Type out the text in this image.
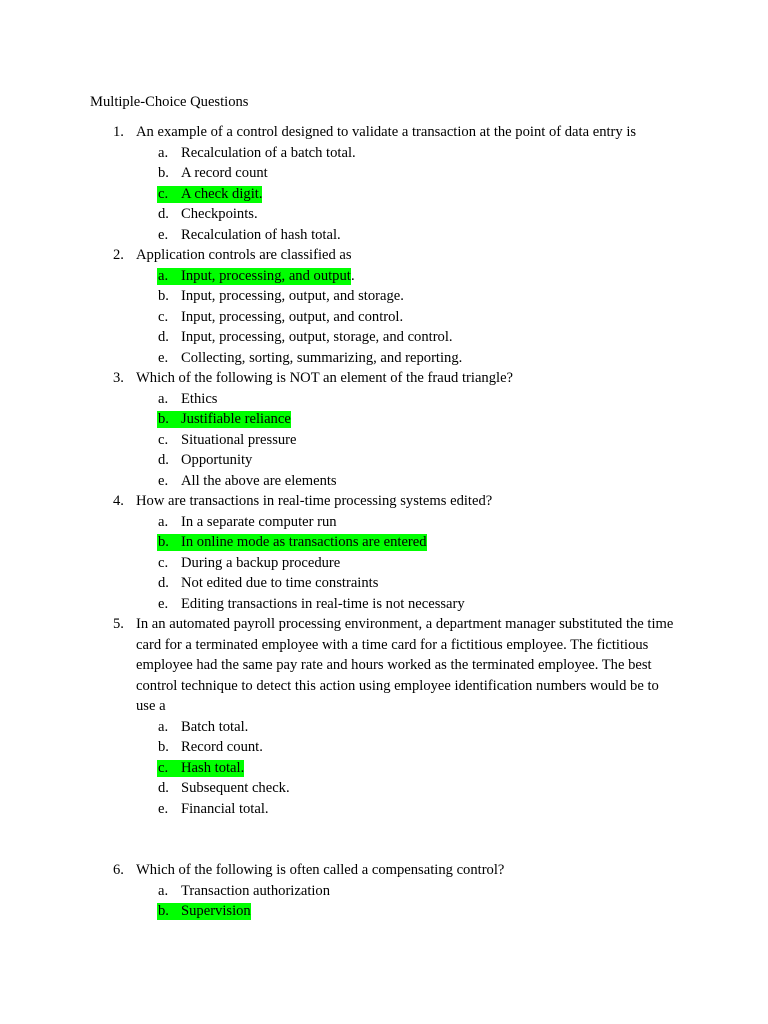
Multiple-Choice Questions
1. An example of a control designed to validate a transaction at the point of data entry is
a. Recalculation of a batch total.
b. A record count
c. A check digit.
d. Checkpoints.
e. Recalculation of hash total.
2. Application controls are classified as
a. Input, processing, and output .
b. Input, processing, output, and storage.
c. Input, processing, output, and control.
d. Input, processing, output, storage, and control.
e. Collecting, sorting, summarizing, and reporting.
3. Which of the following is NOT an element of the fraud triangle?
a. Ethics
b. Justifiable reliance
c. Situational pressure
d. Opportunity
e. All the above are elements
4. How are transactions in real-time processing systems edited?
a. In a separate computer run
b. In online mode as transactions are entered
c. During a backup procedure
d. Not edited due to time constraints
e. Editing transactions in real-time is not necessary
5. In an automated payroll processing environment, a department manager substituted the time card for a terminated employee with a time card for a fictitious employee. The fictitious employee had the same pay rate and hours worked as the terminated employee. The best control technique to detect this action using employee identification numbers would be to use a
a. Batch total.
b. Record count.
c. Hash total.
d. Subsequent check.
e. Financial total.
6. Which of the following is often called a compensating control?
a. Transaction authorization
b. Supervision
